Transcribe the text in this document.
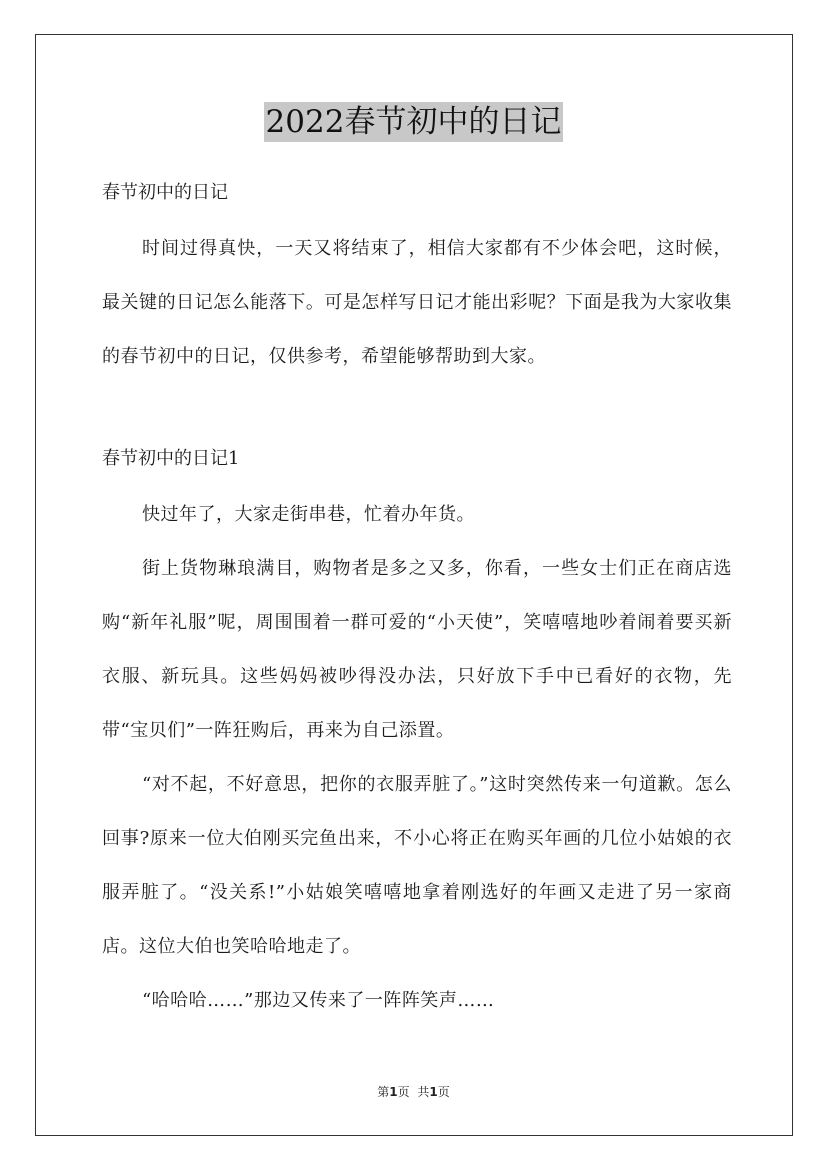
2022春节初中的日记

春节初中的日记

时间过得真快，一天又将结束了，相信大家都有不少体会吧，这时候，最关键的日记怎么能落下。可是怎样写日记才能出彩呢？下面是我为大家收集的春节初中的日记，仅供参考，希望能够帮助到大家。

春节初中的日记1

快过年了，大家走街串巷，忙着办年货。

街上货物琳琅满目，购物者是多之又多，你看，一些女士们正在商店选购“新年礼服”呢，周围围着一群可爱的“小天使”，笑嘻嘻地吵着闹着要买新衣服、新玩具。这些妈妈被吵得没办法，只好放下手中已看好的衣物，先带“宝贝们”一阵狂购后，再来为自己添置。

“对不起，不好意思，把你的衣服弄脏了。”这时突然传来一句道歉。怎么回事?原来一位大伯刚买完鱼出来，不小心将正在购买年画的几位小姑娘的衣服弄脏了。“没关系!”小姑娘笑嘻嘻地拿着刚选好的年画又走进了另一家商店。这位大伯也笑哈哈地走了。

“哈哈哈……”那边又传来了一阵阵笑声……

第1页 共1页
